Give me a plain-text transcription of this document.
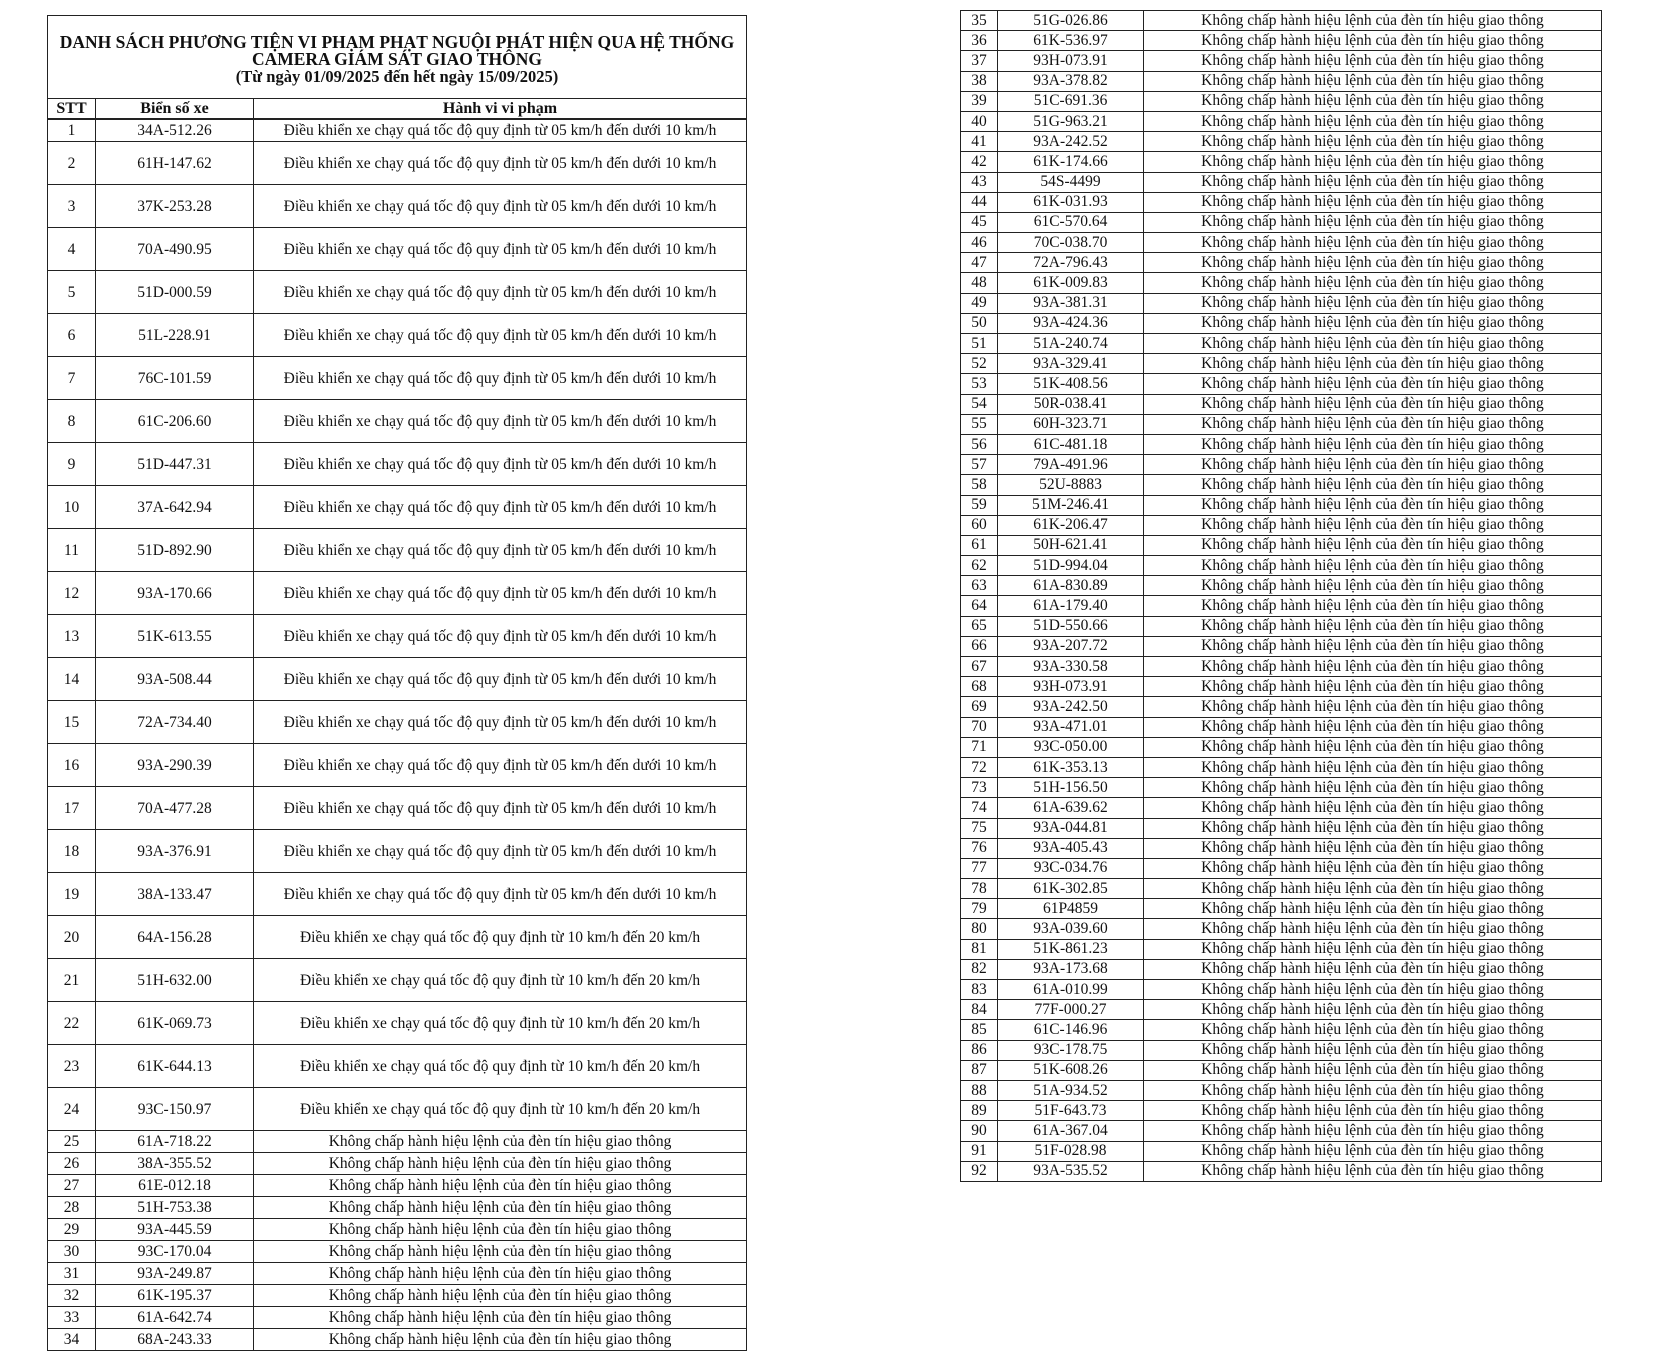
DANH SÁCH PHƯƠNG TIỆN VI PHẠM PHẠT NGUỘI PHÁT HIỆN QUA HỆ THỐNG
CAMERA GIÁM SÁT GIAO THÔNG
(Từ ngày 01/09/2025 đến hết ngày 15/09/2025)		

STT	Biển số xe	Hành vi vi phạm
1	34A-512.26	Điều khiển xe chạy quá tốc độ quy định từ 05 km/h đến dưới 10 km/h
2	61H-147.62	Điều khiển xe chạy quá tốc độ quy định từ 05 km/h đến dưới 10 km/h
3	37K-253.28	Điều khiển xe chạy quá tốc độ quy định từ 05 km/h đến dưới 10 km/h
4	70A-490.95	Điều khiển xe chạy quá tốc độ quy định từ 05 km/h đến dưới 10 km/h
5	51D-000.59	Điều khiển xe chạy quá tốc độ quy định từ 05 km/h đến dưới 10 km/h
6	51L-228.91	Điều khiển xe chạy quá tốc độ quy định từ 05 km/h đến dưới 10 km/h
7	76C-101.59	Điều khiển xe chạy quá tốc độ quy định từ 05 km/h đến dưới 10 km/h
8	61C-206.60	Điều khiển xe chạy quá tốc độ quy định từ 05 km/h đến dưới 10 km/h
9	51D-447.31	Điều khiển xe chạy quá tốc độ quy định từ 05 km/h đến dưới 10 km/h
10	37A-642.94	Điều khiển xe chạy quá tốc độ quy định từ 05 km/h đến dưới 10 km/h
11	51D-892.90	Điều khiển xe chạy quá tốc độ quy định từ 05 km/h đến dưới 10 km/h
12	93A-170.66	Điều khiển xe chạy quá tốc độ quy định từ 05 km/h đến dưới 10 km/h
13	51K-613.55	Điều khiển xe chạy quá tốc độ quy định từ 05 km/h đến dưới 10 km/h
14	93A-508.44	Điều khiển xe chạy quá tốc độ quy định từ 05 km/h đến dưới 10 km/h
15	72A-734.40	Điều khiển xe chạy quá tốc độ quy định từ 05 km/h đến dưới 10 km/h
16	93A-290.39	Điều khiển xe chạy quá tốc độ quy định từ 05 km/h đến dưới 10 km/h
17	70A-477.28	Điều khiển xe chạy quá tốc độ quy định từ 05 km/h đến dưới 10 km/h
18	93A-376.91	Điều khiển xe chạy quá tốc độ quy định từ 05 km/h đến dưới 10 km/h
19	38A-133.47	Điều khiển xe chạy quá tốc độ quy định từ 05 km/h đến dưới 10 km/h
20	64A-156.28	Điều khiển xe chạy quá tốc độ quy định từ 10 km/h đến 20 km/h
21	51H-632.00	Điều khiển xe chạy quá tốc độ quy định từ 10 km/h đến 20 km/h
22	61K-069.73	Điều khiển xe chạy quá tốc độ quy định từ 10 km/h đến 20 km/h
23	61K-644.13	Điều khiển xe chạy quá tốc độ quy định từ 10 km/h đến 20 km/h
24	93C-150.97	Điều khiển xe chạy quá tốc độ quy định từ 10 km/h đến 20 km/h
25	61A-718.22	Không chấp hành hiệu lệnh của đèn tín hiệu giao thông
26	38A-355.52	Không chấp hành hiệu lệnh của đèn tín hiệu giao thông
27	61E-012.18	Không chấp hành hiệu lệnh của đèn tín hiệu giao thông
28	51H-753.38	Không chấp hành hiệu lệnh của đèn tín hiệu giao thông
29	93A-445.59	Không chấp hành hiệu lệnh của đèn tín hiệu giao thông
30	93C-170.04	Không chấp hành hiệu lệnh của đèn tín hiệu giao thông
31	93A-249.87	Không chấp hành hiệu lệnh của đèn tín hiệu giao thông
32	61K-195.37	Không chấp hành hiệu lệnh của đèn tín hiệu giao thông
33	61A-642.74	Không chấp hành hiệu lệnh của đèn tín hiệu giao thông
34	68A-243.33	Không chấp hành hiệu lệnh của đèn tín hiệu giao thông
35	51G-026.86	Không chấp hành hiệu lệnh của đèn tín hiệu giao thông
36	61K-536.97	Không chấp hành hiệu lệnh của đèn tín hiệu giao thông
37	93H-073.91	Không chấp hành hiệu lệnh của đèn tín hiệu giao thông
38	93A-378.82	Không chấp hành hiệu lệnh của đèn tín hiệu giao thông
39	51C-691.36	Không chấp hành hiệu lệnh của đèn tín hiệu giao thông
40	51G-963.21	Không chấp hành hiệu lệnh của đèn tín hiệu giao thông
41	93A-242.52	Không chấp hành hiệu lệnh của đèn tín hiệu giao thông
42	61K-174.66	Không chấp hành hiệu lệnh của đèn tín hiệu giao thông
43	54S-4499	Không chấp hành hiệu lệnh của đèn tín hiệu giao thông
44	61K-031.93	Không chấp hành hiệu lệnh của đèn tín hiệu giao thông
45	61C-570.64	Không chấp hành hiệu lệnh của đèn tín hiệu giao thông
46	70C-038.70	Không chấp hành hiệu lệnh của đèn tín hiệu giao thông
47	72A-796.43	Không chấp hành hiệu lệnh của đèn tín hiệu giao thông
48	61K-009.83	Không chấp hành hiệu lệnh của đèn tín hiệu giao thông
49	93A-381.31	Không chấp hành hiệu lệnh của đèn tín hiệu giao thông
50	93A-424.36	Không chấp hành hiệu lệnh của đèn tín hiệu giao thông
51	51A-240.74	Không chấp hành hiệu lệnh của đèn tín hiệu giao thông
52	93A-329.41	Không chấp hành hiệu lệnh của đèn tín hiệu giao thông
53	51K-408.56	Không chấp hành hiệu lệnh của đèn tín hiệu giao thông
54	50R-038.41	Không chấp hành hiệu lệnh của đèn tín hiệu giao thông
55	60H-323.71	Không chấp hành hiệu lệnh của đèn tín hiệu giao thông
56	61C-481.18	Không chấp hành hiệu lệnh của đèn tín hiệu giao thông
57	79A-491.96	Không chấp hành hiệu lệnh của đèn tín hiệu giao thông
58	52U-8883	Không chấp hành hiệu lệnh của đèn tín hiệu giao thông
59	51M-246.41	Không chấp hành hiệu lệnh của đèn tín hiệu giao thông
60	61K-206.47	Không chấp hành hiệu lệnh của đèn tín hiệu giao thông
61	50H-621.41	Không chấp hành hiệu lệnh của đèn tín hiệu giao thông
62	51D-994.04	Không chấp hành hiệu lệnh của đèn tín hiệu giao thông
63	61A-830.89	Không chấp hành hiệu lệnh của đèn tín hiệu giao thông
64	61A-179.40	Không chấp hành hiệu lệnh của đèn tín hiệu giao thông
65	51D-550.66	Không chấp hành hiệu lệnh của đèn tín hiệu giao thông
66	93A-207.72	Không chấp hành hiệu lệnh của đèn tín hiệu giao thông
67	93A-330.58	Không chấp hành hiệu lệnh của đèn tín hiệu giao thông
68	93H-073.91	Không chấp hành hiệu lệnh của đèn tín hiệu giao thông
69	93A-242.50	Không chấp hành hiệu lệnh của đèn tín hiệu giao thông
70	93A-471.01	Không chấp hành hiệu lệnh của đèn tín hiệu giao thông
71	93C-050.00	Không chấp hành hiệu lệnh của đèn tín hiệu giao thông
72	61K-353.13	Không chấp hành hiệu lệnh của đèn tín hiệu giao thông
73	51H-156.50	Không chấp hành hiệu lệnh của đèn tín hiệu giao thông
74	61A-639.62	Không chấp hành hiệu lệnh của đèn tín hiệu giao thông
75	93A-044.81	Không chấp hành hiệu lệnh của đèn tín hiệu giao thông
76	93A-405.43	Không chấp hành hiệu lệnh của đèn tín hiệu giao thông
77	93C-034.76	Không chấp hành hiệu lệnh của đèn tín hiệu giao thông
78	61K-302.85	Không chấp hành hiệu lệnh của đèn tín hiệu giao thông
79	61P4859	Không chấp hành hiệu lệnh của đèn tín hiệu giao thông
80	93A-039.60	Không chấp hành hiệu lệnh của đèn tín hiệu giao thông
81	51K-861.23	Không chấp hành hiệu lệnh của đèn tín hiệu giao thông
82	93A-173.68	Không chấp hành hiệu lệnh của đèn tín hiệu giao thông
83	61A-010.99	Không chấp hành hiệu lệnh của đèn tín hiệu giao thông
84	77F-000.27	Không chấp hành hiệu lệnh của đèn tín hiệu giao thông
85	61C-146.96	Không chấp hành hiệu lệnh của đèn tín hiệu giao thông
86	93C-178.75	Không chấp hành hiệu lệnh của đèn tín hiệu giao thông
87	51K-608.26	Không chấp hành hiệu lệnh của đèn tín hiệu giao thông
88	51A-934.52	Không chấp hành hiệu lệnh của đèn tín hiệu giao thông
89	51F-643.73	Không chấp hành hiệu lệnh của đèn tín hiệu giao thông
90	61A-367.04	Không chấp hành hiệu lệnh của đèn tín hiệu giao thông
91	51F-028.98	Không chấp hành hiệu lệnh của đèn tín hiệu giao thông
92	93A-535.52	Không chấp hành hiệu lệnh của đèn tín hiệu giao thông
